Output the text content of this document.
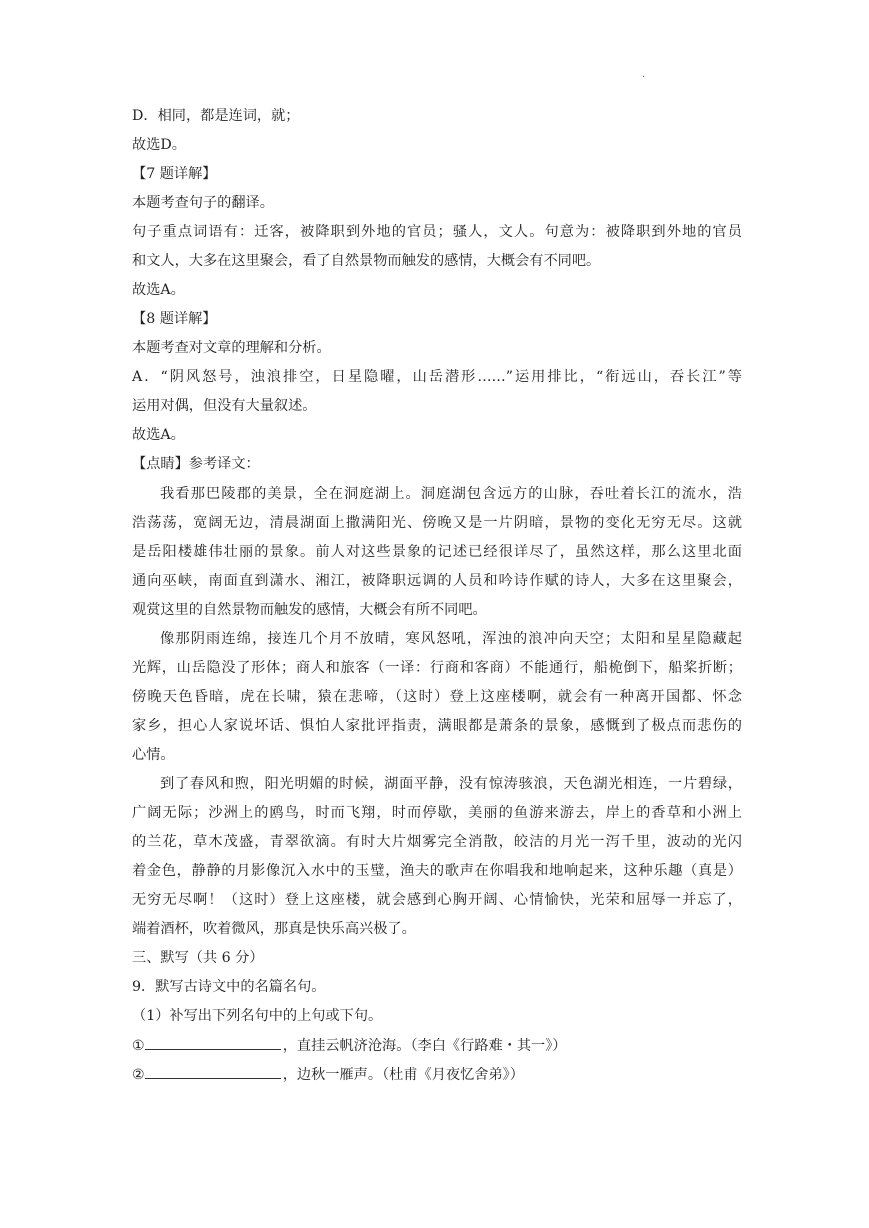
·
D．相同，都是连词，就；
故选D。
【7 题详解】
本题考查句子的翻译。
句子重点词语有：迁客，被降职到外地的官员；骚人，文人。句意为：被降职到外地的官员
和文人，大多在这里聚会，看了自然景物而触发的感情，大概会有不同吧。
故选A。
【8 题详解】
本题考查对文章的理解和分析。
A．“阴风怒号，浊浪排空，日星隐曜，山岳潜形……”运用排比，“衔远山，吞长江”等
运用对偶，但没有大量叙述。
故选A。
【点睛】参考译文：
我看那巴陵郡的美景，全在洞庭湖上。洞庭湖包含远方的山脉，吞吐着长江的流水，浩
浩荡荡，宽阔无边，清晨湖面上撒满阳光、傍晚又是一片阴暗，景物的变化无穷无尽。这就
是岳阳楼雄伟壮丽的景象。前人对这些景象的记述已经很详尽了，虽然这样，那么这里北面
通向巫峡，南面直到潇水、湘江，被降职远调的人员和吟诗作赋的诗人，大多在这里聚会，
观赏这里的自然景物而触发的感情，大概会有所不同吧。
像那阴雨连绵，接连几个月不放晴，寒风怒吼，浑浊的浪冲向天空；太阳和星星隐藏起
光辉，山岳隐没了形体；商人和旅客（一译：行商和客商）不能通行，船桅倒下，船桨折断；
傍晚天色昏暗，虎在长啸，猿在悲啼，（这时）登上这座楼啊，就会有一种离开国都、怀念
家乡，担心人家说坏话、惧怕人家批评指责，满眼都是萧条的景象，感慨到了极点而悲伤的
心情。
到了春风和煦，阳光明媚的时候，湖面平静，没有惊涛骇浪，天色湖光相连，一片碧绿，
广阔无际；沙洲上的鸥鸟，时而飞翔，时而停歇，美丽的鱼游来游去，岸上的香草和小洲上
的兰花，草木茂盛，青翠欲滴。有时大片烟雾完全消散，皎洁的月光一泻千里，波动的光闪
着金色，静静的月影像沉入水中的玉璧，渔夫的歌声在你唱我和地响起来，这种乐趣（真是）
无穷无尽啊！（这时）登上这座楼，就会感到心胸开阔、心情愉快，光荣和屈辱一并忘了，
端着酒杯，吹着微风，那真是快乐高兴极了。
三、默写（共 6 分）
9．默写古诗文中的名篇名句。
（1）补写出下列名句中的上句或下句。
①	，直挂云帆济沧海。（李白《行路难・其一》）
②	，边秋一雁声。（杜甫《月夜忆舍弟》）
